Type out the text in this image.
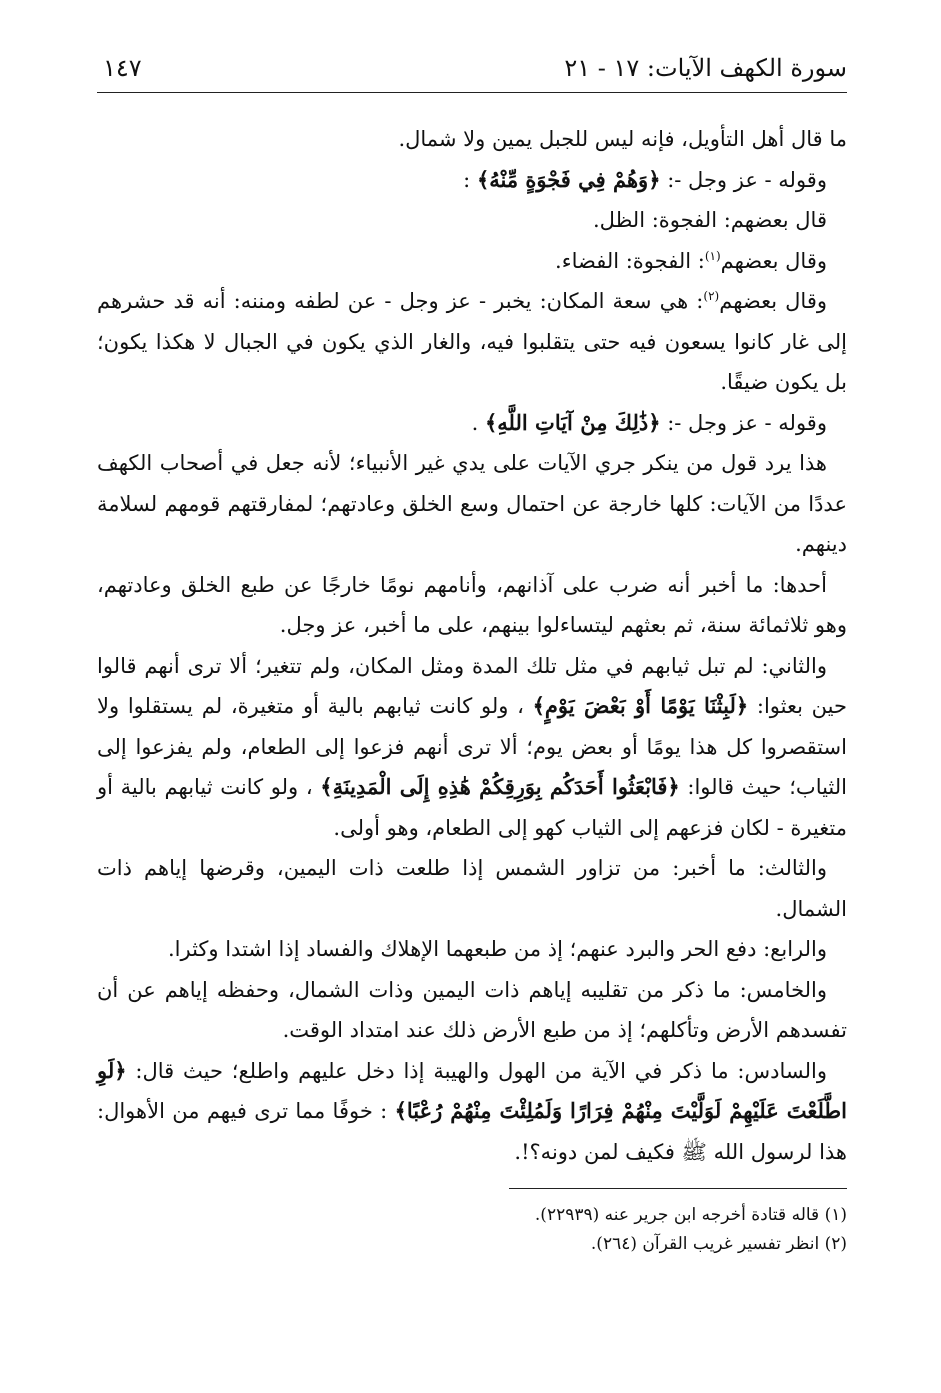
سورة الكهف الآيات: ١٧ - ٢١
١٤٧

ما قال أهل التأويل، فإنه ليس للجبل يمين ولا شمال.

وقوله - عز وجل -: ﴿وَهُمْ فِي فَجْوَةٍ مِّنْهُ﴾ :

قال بعضهم: الفجوة: الظل.

وقال بعضهم$^{(١)}$: الفجوة: الفضاء.

وقال بعضهم$^{(٢)}$: هي سعة المكان: يخبر - عز وجل - عن لطفه ومننه: أنه قد حشرهم إلى غار كانوا يسعون فيه حتى يتقلبوا فيه، والغار الذي يكون في الجبال لا هكذا يكون؛ بل يكون ضيقًا.

وقوله - عز وجل -: ﴿ذَٰلِكَ مِنْ آيَاتِ اللَّهِ﴾ .

هذا يرد قول من ينكر جري الآيات على يدي غير الأنبياء؛ لأنه جعل في أصحاب الكهف عددًا من الآيات: كلها خارجة عن احتمال وسع الخلق وعادتهم؛ لمفارقتهم قومهم لسلامة دينهم.

أحدها: ما أخبر أنه ضرب على آذانهم، وأنامهم نومًا خارجًا عن طبع الخلق وعادتهم، وهو ثلاثمائة سنة، ثم بعثهم ليتساءلوا بينهم، على ما أخبر، عز وجل.

والثاني: لم تبل ثيابهم في مثل تلك المدة ومثل المكان، ولم تتغير؛ ألا ترى أنهم قالوا حين بعثوا: ﴿لَبِثْنَا يَوْمًا أَوْ بَعْضَ يَوْمٍ﴾ ، ولو كانت ثيابهم بالية أو متغيرة، لم يستقلوا ولا استقصروا كل هذا يومًا أو بعض يوم؛ ألا ترى أنهم فزعوا إلى الطعام، ولم يفزعوا إلى الثياب؛ حيث قالوا: ﴿فَابْعَثُوا أَحَدَكُم بِوَرِقِكُمْ هَٰذِهِ إِلَى الْمَدِينَةِ﴾ ، ولو كانت ثيابهم بالية أو متغيرة - لكان فزعهم إلى الثياب كهو إلى الطعام، وهو أولى.

والثالث: ما أخبر: من تزاور الشمس إذا طلعت ذات اليمين، وقرضها إياهم ذات الشمال.

والرابع: دفع الحر والبرد عنهم؛ إذ من طبعهما الإهلاك والفساد إذا اشتدا وكثرا.

والخامس: ما ذكر من تقليبه إياهم ذات اليمين وذات الشمال، وحفظه إياهم عن أن تفسدهم الأرض وتأكلهم؛ إذ من طبع الأرض ذلك عند امتداد الوقت.

والسادس: ما ذكر في الآية من الهول والهيبة إذا دخل عليهم واطلع؛ حيث قال: ﴿لَوِ اطَّلَعْتَ عَلَيْهِمْ لَوَلَّيْتَ مِنْهُمْ فِرَارًا وَلَمُلِئْتَ مِنْهُمْ رُعْبًا﴾ : خوفًا مما ترى فيهم من الأهوال: هذا لرسول الله ﷺ فكيف لمن دونه؟!.

(١) قاله قتادة أخرجه ابن جرير عنه (٢٢٩٣٩).

(٢) انظر تفسير غريب القرآن (٢٦٤).
